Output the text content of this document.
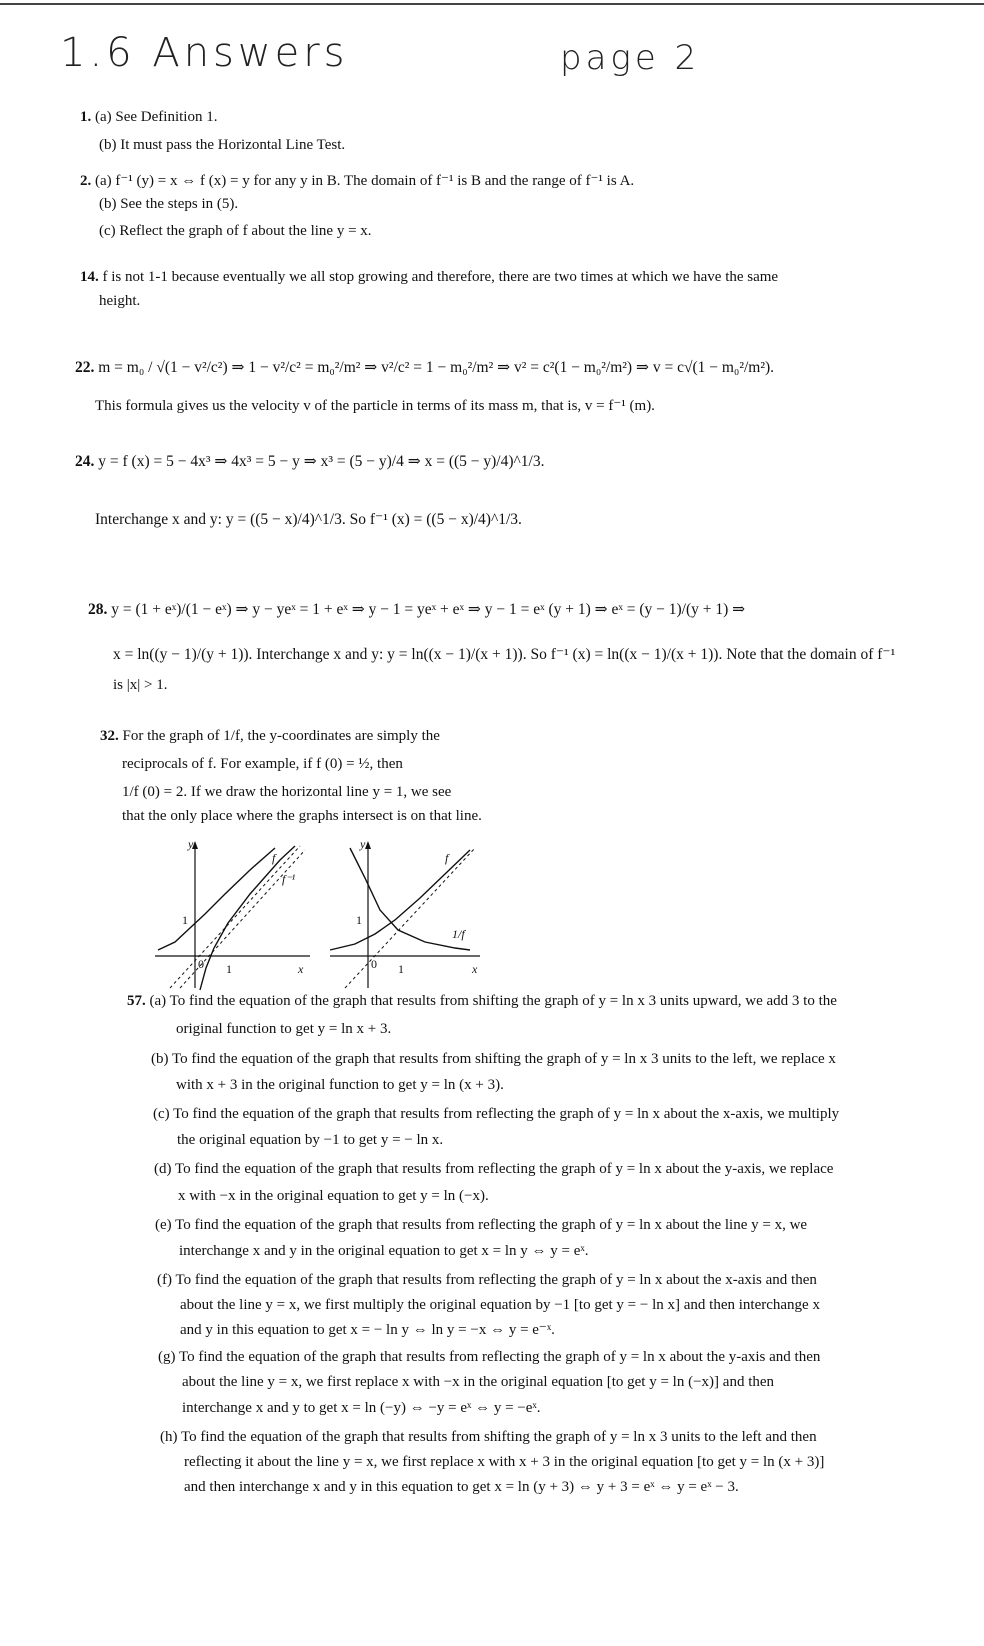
1.6 Answers	page 2
1. (a) See Definition 1.
(b) It must pass the Horizontal Line Test.
2. (a) f⁻¹ (y) = x ⇔ f (x) = y for any y in B. The domain of f⁻¹ is B and the range of f⁻¹ is A.
(b) See the steps in (5).
(c) Reflect the graph of f about the line y = x.
14. f is not 1-1 because eventually we all stop growing and therefore, there are two times at which we have the same
height.
22. m = m₀ / √(1 − v²/c²) ⇒ 1 − v²/c² = m₀²/m² ⇒ v²/c² = 1 − m₀²/m² ⇒ v² = c²(1 − m₀²/m²) ⇒ v = c√(1 − m₀²/m²).
This formula gives us the velocity v of the particle in terms of its mass m, that is, v = f⁻¹ (m).
24. y = f (x) = 5 − 4x³ ⇒ 4x³ = 5 − y ⇒ x³ = (5 − y)/4 ⇒ x = ((5 − y)/4)^1/3.
Interchange x and y: y = ((5 − x)/4)^1/3. So f⁻¹ (x) = ((5 − x)/4)^1/3.
28. y = (1 + eˣ)/(1 − eˣ) ⇒ y − yeˣ = 1 + eˣ ⇒ y − 1 = yeˣ + eˣ ⇒ y − 1 = eˣ (y + 1) ⇒ eˣ = (y − 1)/(y + 1) ⇒
x = ln((y − 1)/(y + 1)). Interchange x and y: y = ln((x − 1)/(x + 1)). So f⁻¹ (x) = ln((x − 1)/(x + 1)). Note that the domain of f⁻¹
is |x| > 1.
32. For the graph of 1/f, the y-coordinates are simply the
reciprocals of f. For example, if f (0) = ½, then
1/f (0) = 2. If we draw the horizontal line y = 1, we see
that the only place where the graphs intersect is on that line.
y
f
f⁻¹
1
0 1	x
y
f
1/f
1
0 1	x
57. (a) To find the equation of the graph that results from shifting the graph of y = ln x 3 units upward, we add 3 to the
original function to get y = ln x + 3.
(b) To find the equation of the graph that results from shifting the graph of y = ln x 3 units to the left, we replace x
with x + 3 in the original function to get y = ln (x + 3).
(c) To find the equation of the graph that results from reflecting the graph of y = ln x about the x-axis, we multiply
the original equation by −1 to get y = − ln x.
(d) To find the equation of the graph that results from reflecting the graph of y = ln x about the y-axis, we replace
x with −x in the original equation to get y = ln (−x).
(e) To find the equation of the graph that results from reflecting the graph of y = ln x about the line y = x, we
interchange x and y in the original equation to get x = ln y ⇔ y = eˣ.
(f) To find the equation of the graph that results from reflecting the graph of y = ln x about the x-axis and then
about the line y = x, we first multiply the original equation by −1 [to get y = − ln x] and then interchange x
and y in this equation to get x = − ln y ⇔ ln y = −x ⇔ y = e⁻ˣ.
(g) To find the equation of the graph that results from reflecting the graph of y = ln x about the y-axis and then
about the line y = x, we first replace x with −x in the original equation [to get y = ln (−x)] and then
interchange x and y to get x = ln (−y) ⇔ −y = eˣ ⇔ y = −eˣ.
(h) To find the equation of the graph that results from shifting the graph of y = ln x 3 units to the left and then
reflecting it about the line y = x, we first replace x with x + 3 in the original equation [to get y = ln (x + 3)]
and then interchange x and y in this equation to get x = ln (y + 3) ⇔ y + 3 = eˣ ⇔ y = eˣ − 3.
